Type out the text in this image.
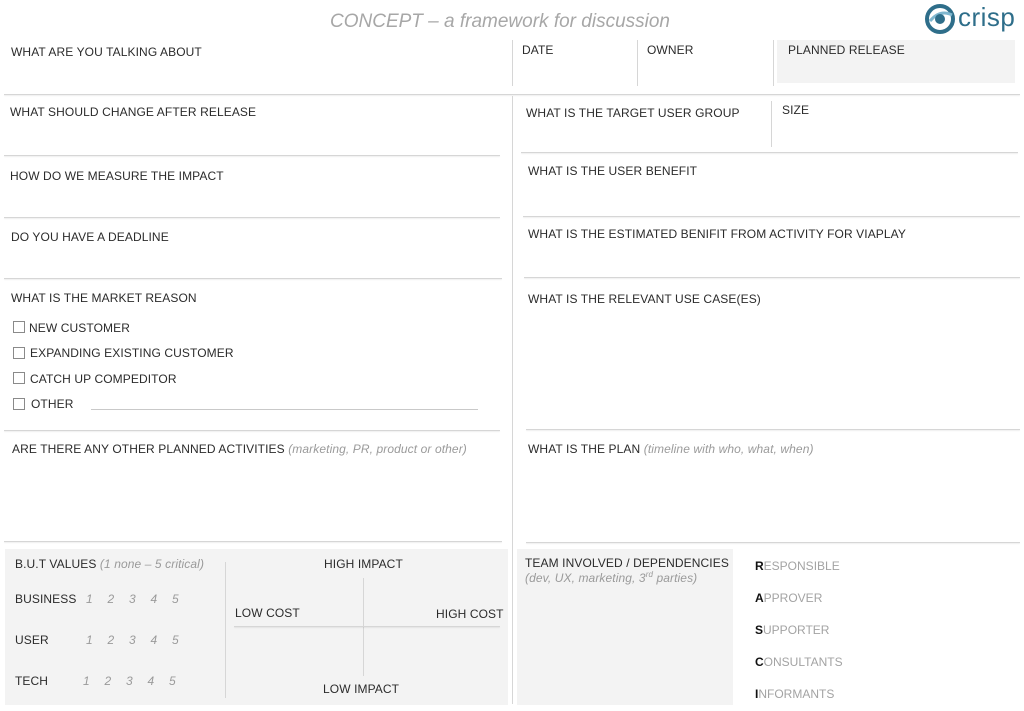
CONCEPT – a framework for discussion	crisp
WHAT ARE YOU TALKING ABOUT	DATE	OWNER	PLANNED RELEASE
WHAT SHOULD CHANGE AFTER RELEASE
HOW DO WE MEASURE THE IMPACT
DO YOU HAVE A DEADLINE
WHAT IS THE MARKET REASON
NEW CUSTOMER
EXPANDING EXISTING CUSTOMER
CATCH UP COMPEDITOR
OTHER
ARE THERE ANY OTHER PLANNED ACTIVITIES (marketing, PR, product or other)
WHAT IS THE TARGET USER GROUP	SIZE
WHAT IS THE USER BENEFIT
WHAT IS THE ESTIMATED BENIFIT FROM ACTIVITY FOR VIAPLAY
WHAT IS THE RELEVANT USE CASE(ES)
WHAT IS THE PLAN (timeline with who, what, when)
B.U.T VALUES (1 none – 5 critical)
BUSINESS 1 2 3 4 5
USER	1 2 3 4 5
TECH	1 2 3 4 5
HIGH IMPACT
LOW COST	HIGH COST
LOW IMPACT
TEAM INVOLVED / DEPENDENCIES
(dev, UX, marketing, 3rd parties)
RESPONSIBLE
APPROVER
SUPPORTER
CONSULTANTS
INFORMANTS
